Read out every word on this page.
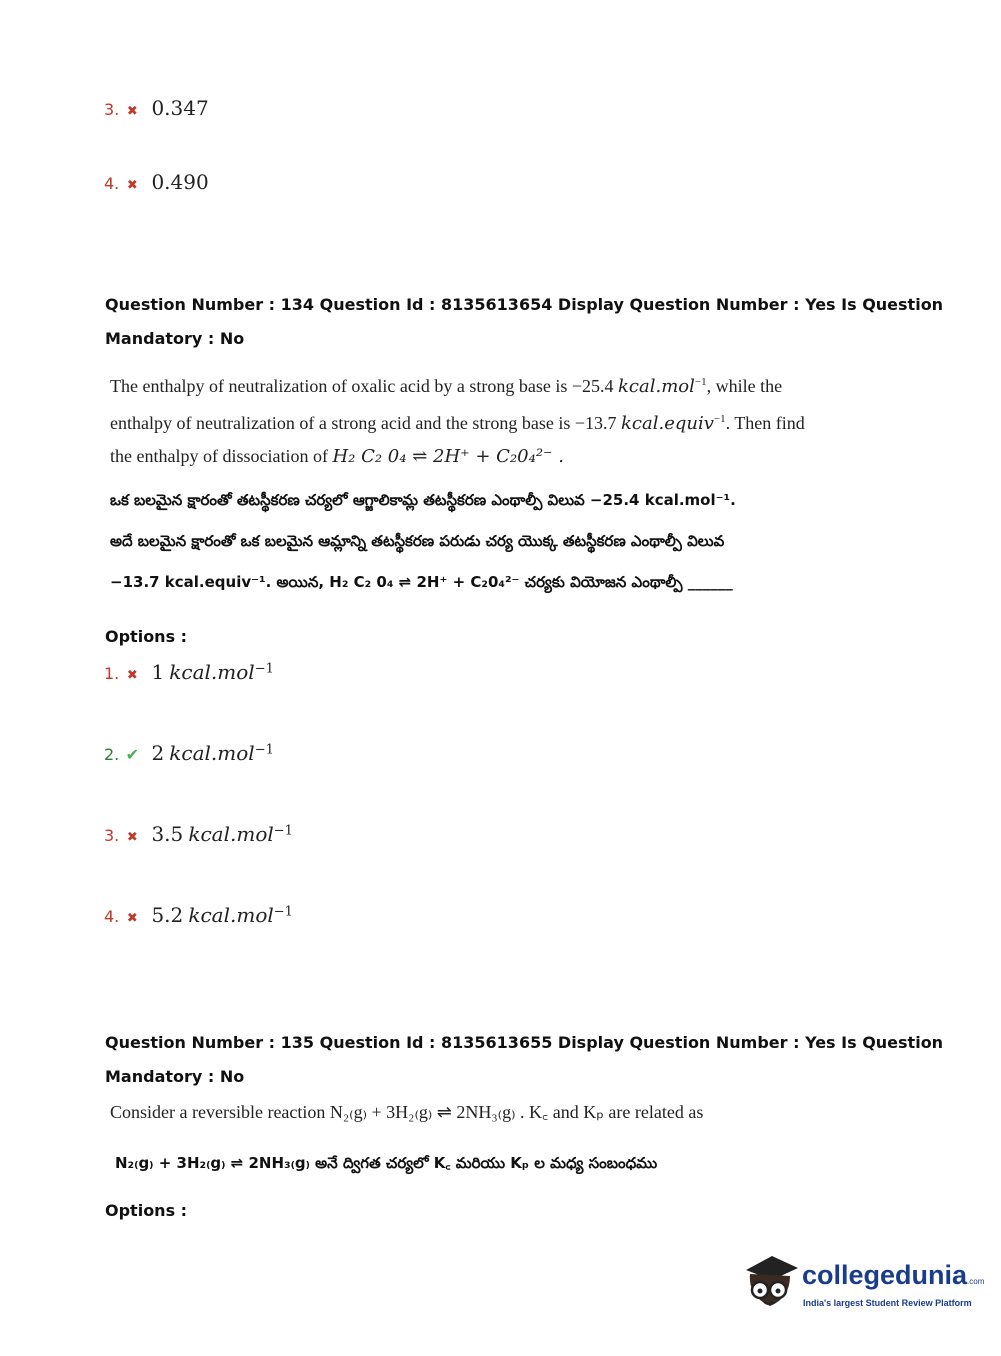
3. ✖ 0.347
4. ✖ 0.490
Question Number : 134 Question Id : 8135613654 Display Question Number : Yes Is Question
Mandatory : No
The enthalpy of neutralization of oxalic acid by a strong base is −25.4 kcal.mol$^{-1}$, while the
enthalpy of neutralization of a strong acid and the strong base is −13.7 kcal.equiv$^{-1}$. Then find
the enthalpy of dissociation of H₂ C₂ 0₄ ⇌ 2H⁺ + C₂0₄²⁻ .
ఒక బలమైన క్షారంతో తటస్థీకరణ చర్యలో ఆగ్జాలికామ్ల తటస్థీకరణ ఎంథాల్పీ విలువ −25.4 kcal.mol⁻¹.
అదే బలమైన క్షారంతో ఒక బలమైన ఆమ్లాన్ని తటస్థీకరణ పరుడు చర్య యొక్క తటస్థీకరణ ఎంథాల్పీ విలువ
−13.7 kcal.equiv⁻¹. అయిన, H₂ C₂ 0₄ ⇌ 2H⁺ + C₂0₄²⁻ చర్యకు వియోజన ఎంథాల్పీ ______
Options :
1. ✖ 1 kcal.mol$^{-1}$
2. ✔ 2 kcal.mol$^{-1}$
3. ✖ 3.5 kcal.mol$^{-1}$
4. ✖ 5.2 kcal.mol$^{-1}$
Question Number : 135 Question Id : 8135613655 Display Question Number : Yes Is Question
Mandatory : No
Consider a reversible reaction N₂₍g₎ + 3H₂₍g₎ ⇌ 2NH₃₍g₎ . K꜀ and Kₚ are related as
N₂₍g₎ + 3H₂₍g₎ ⇌ 2NH₃₍g₎ అనే ద్విగత చర్యలో K꜀ మరియు Kₚ ల మధ్య సంబంధము
Options :
collegedunia.com
India's largest Student Review Platform
